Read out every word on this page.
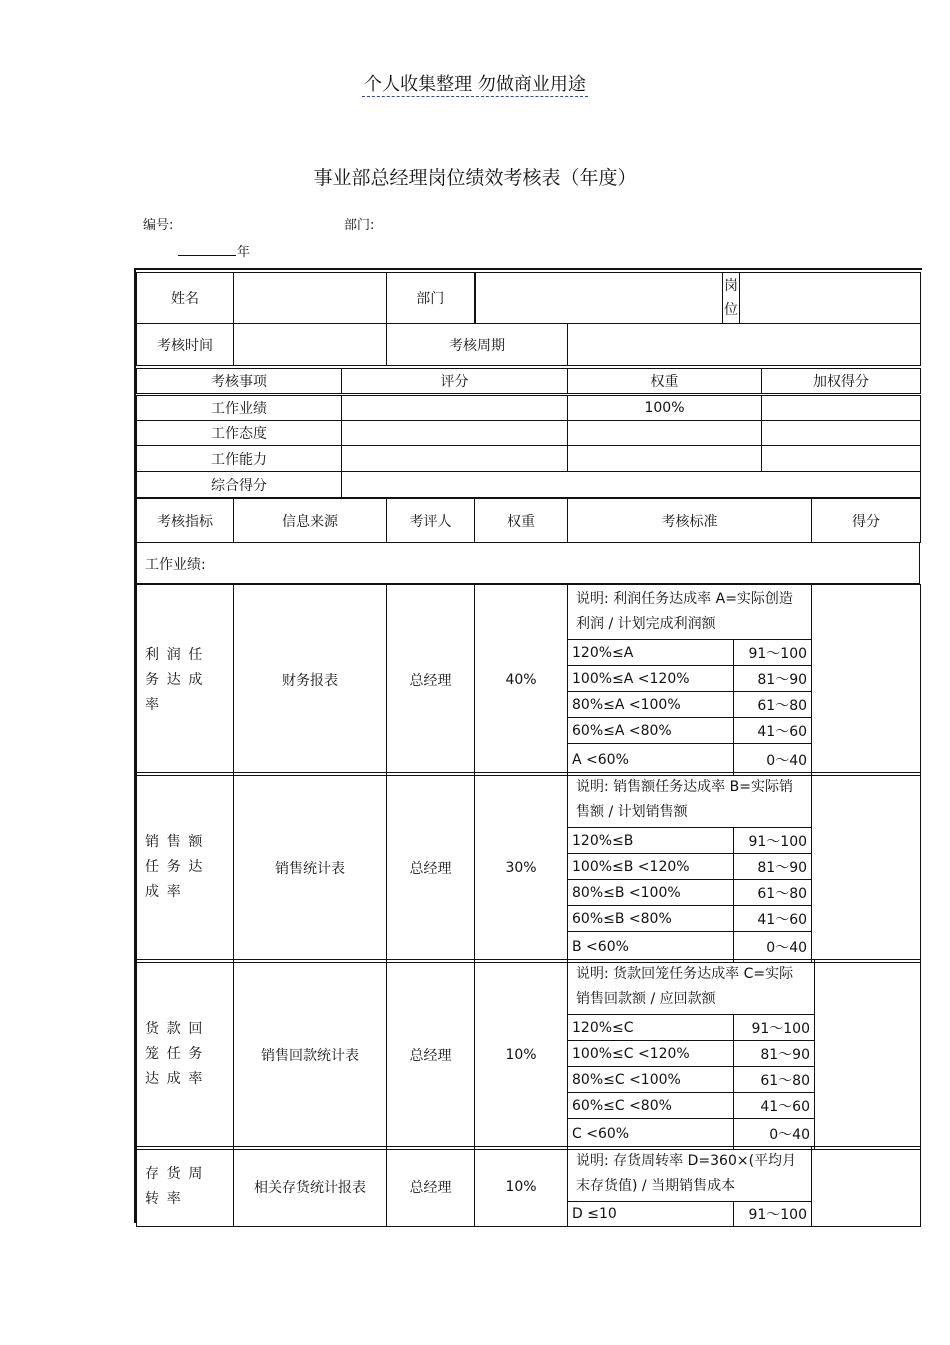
个人收集整理 勿做商业用途
事业部总经理岗位绩效考核表（年度）
编号:	部门:
年
姓名		部门			岗
位	
考核时间		考核周期				
考核事项	评分	权重	加权得分
工作业绩		100%	
工作态度			
工作能力			
综合得分			
考核指标	信息来源	考评人	权重	考核标准	得分
工作业绩:
利润任务达成率	财务报表	总经理	40%	说明: 利润任务达成率 A=实际创造利润 / 计划完成利润额		
				120%≤A	91～100	
				100%≤A <120%	81～90	
				80%≤A <100%	61～80	
				60%≤A <80%	41～60	
				A <60%	0～40	
销售额任务达成率	销售统计表	总经理	30%	说明: 销售额任务达成率 B=实际销售额 / 计划销售额		
				120%≤B	91～100	
				100%≤B <120%	81～90	
				80%≤B <100%	61～80	
				60%≤B <80%	41～60	
				B <60%	0～40	
货款回笼任务达成率	销售回款统计表	总经理	10%	说明: 货款回笼任务达成率 C=实际销售回款额 / 应回款额		
				120%≤C	91～100	
				100%≤C <120%	81～90	
				80%≤C <100%	61～80	
				60%≤C <80%	41～60	
				C <60%	0～40	
存货周转率	相关存货统计报表	总经理	10%	说明: 存货周转率 D=360×(平均月末存货值) / 当期销售成本		
				D ≤10	91～100	
